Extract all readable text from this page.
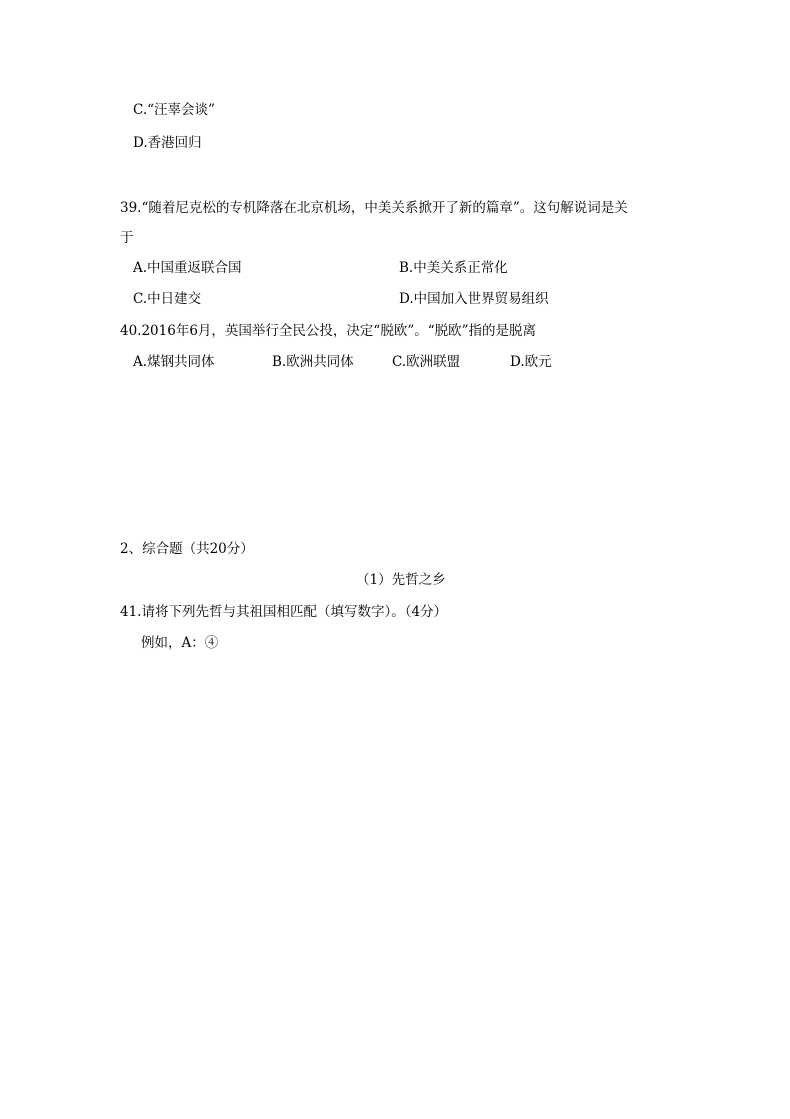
C.“汪辜会谈”
D.香港回归
39.“随着尼克松的专机降落在北京机场，中美关系掀开了新的篇章”。这句解说词是关
于
A.中国重返联合国	B.中美关系正常化
C.中日建交	D.中国加入世界贸易组织
40.2016年6月，英国举行全民公投，决定“脱欧”。“脱欧”指的是脱离
A.煤钢共同体	B.欧洲共同体	C.欧洲联盟	D.欧元
2、综合题（共20分）
（1）先哲之乡
41.请将下列先哲与其祖国相匹配（填写数字）。（4分）
例如，A：④
